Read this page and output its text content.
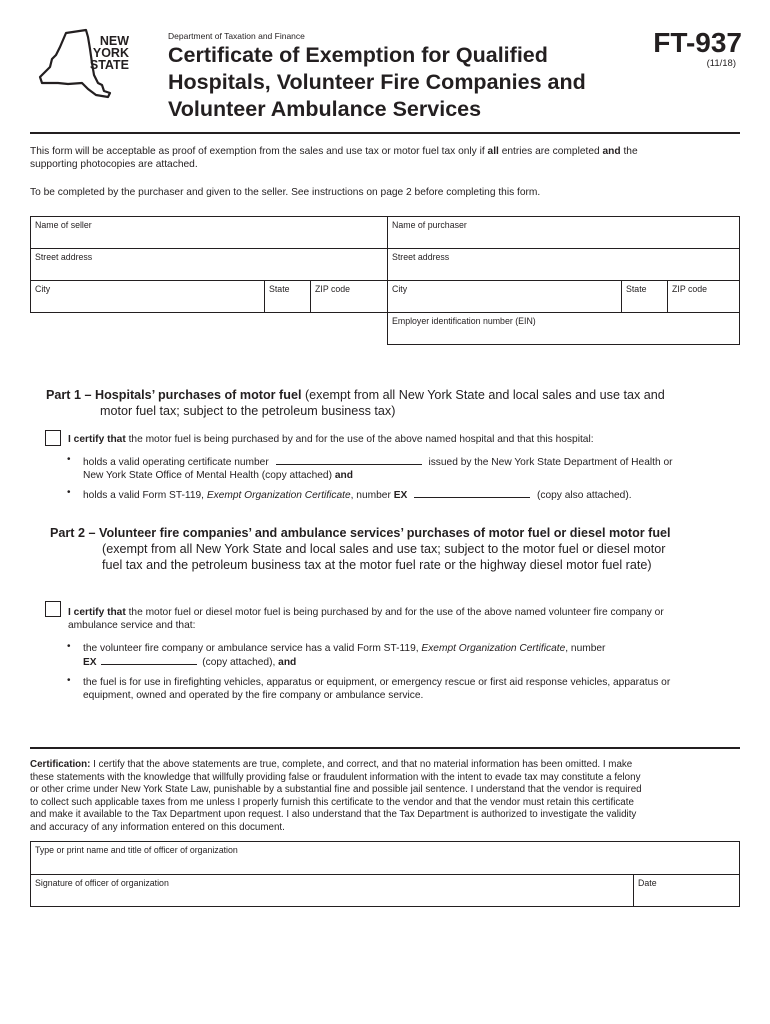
NEW
YORK
STATE
Department of Taxation and Finance
Certificate of Exemption for Qualified
Hospitals, Volunteer Fire Companies and
Volunteer Ambulance Services
FT-937
(11/18)
This form will be acceptable as proof of exemption from the sales and use tax or motor fuel tax only if all entries are completed and the
supporting photocopies are attached.
To be completed by the purchaser and given to the seller. See instructions on page 2 before completing this form.
Name of seller			Name of purchaser		
Street address			Street address		
City	State	ZIP code	City	State	ZIP code
			Employer identification number (EIN)		
Part 1 – Hospitals’ purchases of motor fuel (exempt from all New York State and local sales and use tax and
motor fuel tax; subject to the petroleum business tax)
I certify that the motor fuel is being purchased by and for the use of the above named hospital and that this hospital:
• holds a valid operating certificate number	issued by the New York State Department of Health or
New York State Office of Mental Health (copy attached) and
• holds a valid Form ST-119, Exempt Organization Certificate, number EX	(copy also attached).
Part 2 – Volunteer fire companies’ and ambulance services’ purchases of motor fuel or diesel motor fuel
(exempt from all New York State and local sales and use tax; subject to the motor fuel or diesel motor
fuel tax and the petroleum business tax at the motor fuel rate or the highway diesel motor fuel rate)
I certify that the motor fuel or diesel motor fuel is being purchased by and for the use of the above named volunteer fire company or
ambulance service and that:
• the volunteer fire company or ambulance service has a valid Form ST-119, Exempt Organization Certificate, number
EX	(copy attached), and
• the fuel is for use in firefighting vehicles, apparatus or equipment, or emergency rescue or first aid response vehicles, apparatus or
equipment, owned and operated by the fire company or ambulance service.
Certification: I certify that the above statements are true, complete, and correct, and that no material information has been omitted. I make
these statements with the knowledge that willfully providing false or fraudulent information with the intent to evade tax may constitute a felony
or other crime under New York State Law, punishable by a substantial fine and possible jail sentence. I understand that the vendor is required
to collect such applicable taxes from me unless I properly furnish this certificate to the vendor and that the vendor must retain this certificate
and make it available to the Tax Department upon request. I also understand that the Tax Department is authorized to investigate the validity
and accuracy of any information entered on this document.
Type or print name and title of officer of organization
Signature of officer of organization	Date
